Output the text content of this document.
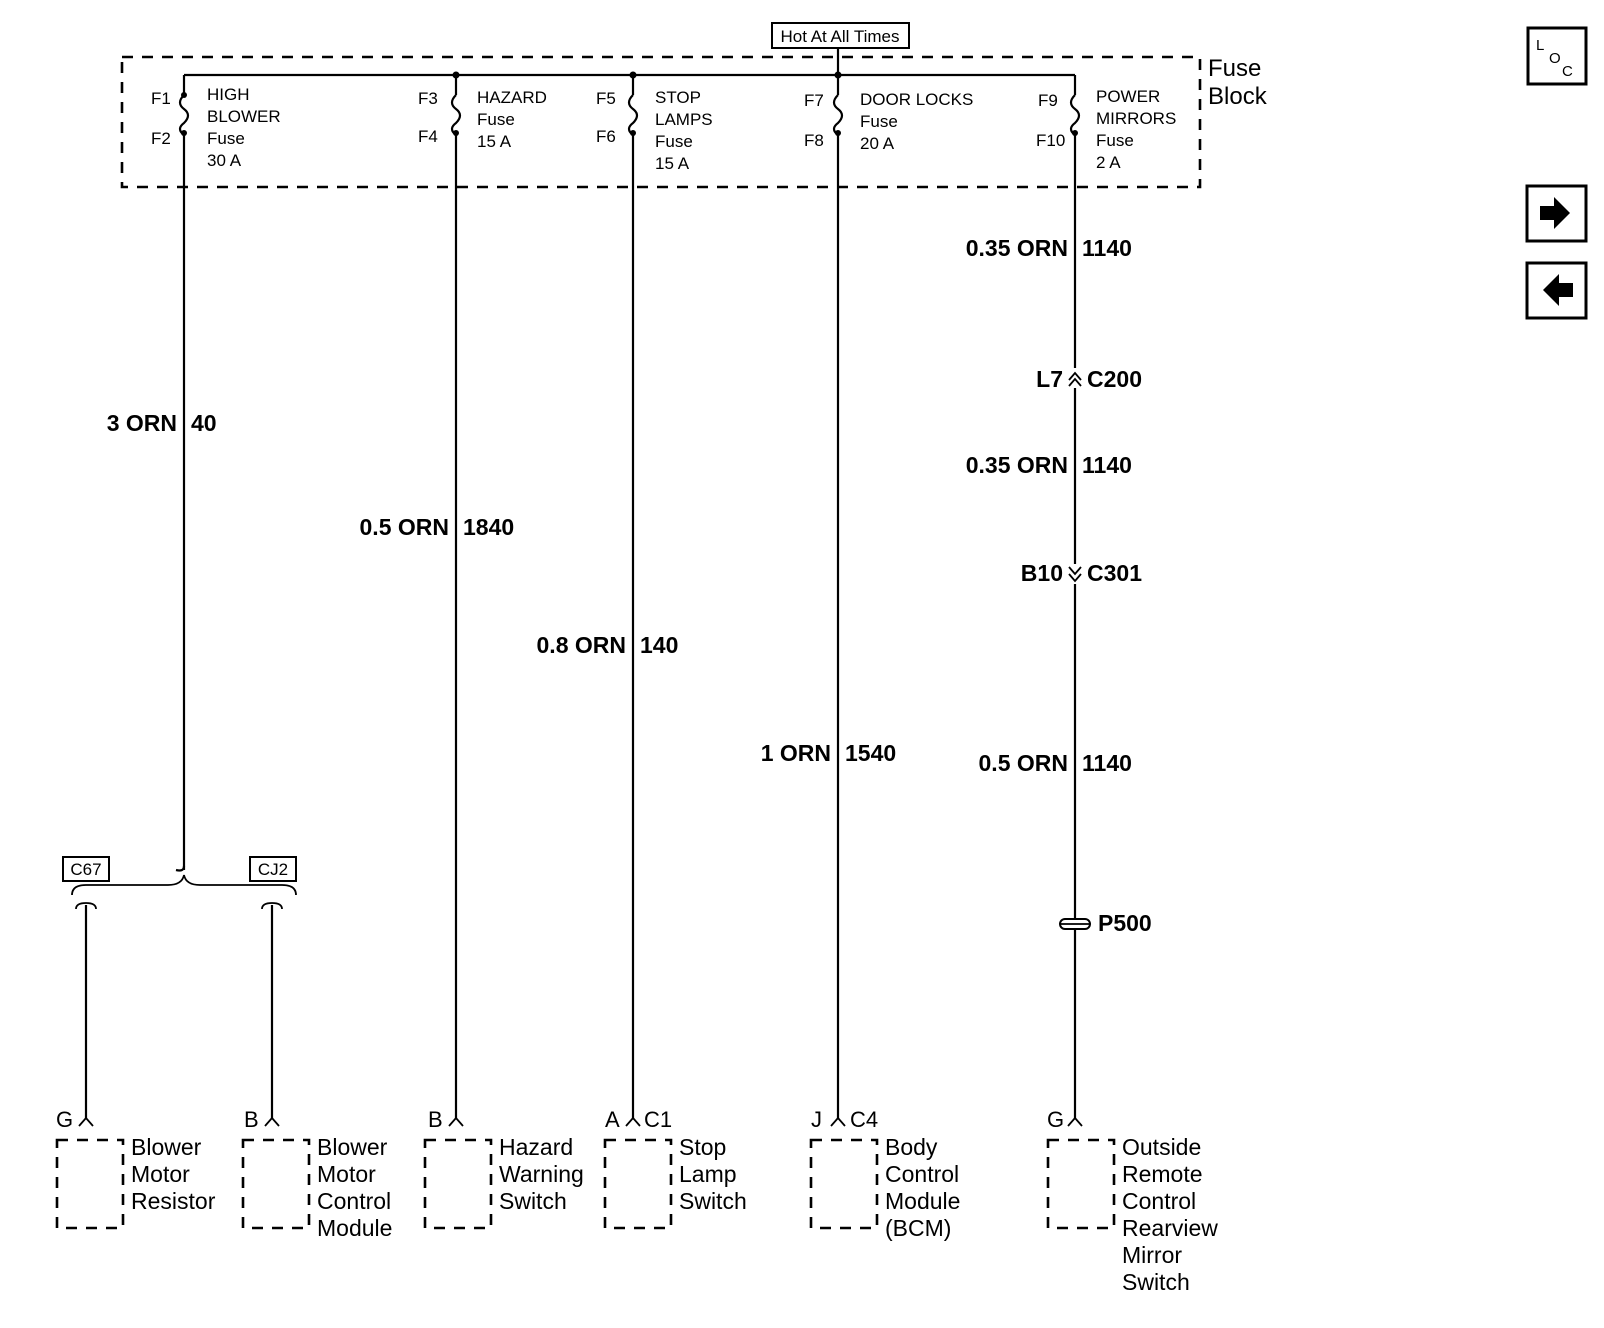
Hot At All Times
Fuse
Block
F1
F2
HIGH
BLOWER
Fuse
30 A
F3
F4
HAZARD
Fuse
15 A
F5
F6
STOP
LAMPS
Fuse
15 A
F7
F8
DOOR LOCKS
Fuse
20 A
F9
F10
POWER
MIRRORS
Fuse
2 A
3 ORN 40
C67	CJ2
0.5 ORN 1840
0.8 ORN 140
1 ORN 1540
0.35 ORN 1140
L7 C200
0.35 ORN 1140
B10 C301
0.5 ORN 1140
P500
G
Blower
Motor
Resistor
B
Blower
Motor
Control
Module
B
Hazard
Warning
Switch
A C1
Stop
Lamp
Switch
J C4
Body
Control
Module
(BCM)
G
Outside
Remote
Control
Rearview
Mirror
Switch
L
O
C
